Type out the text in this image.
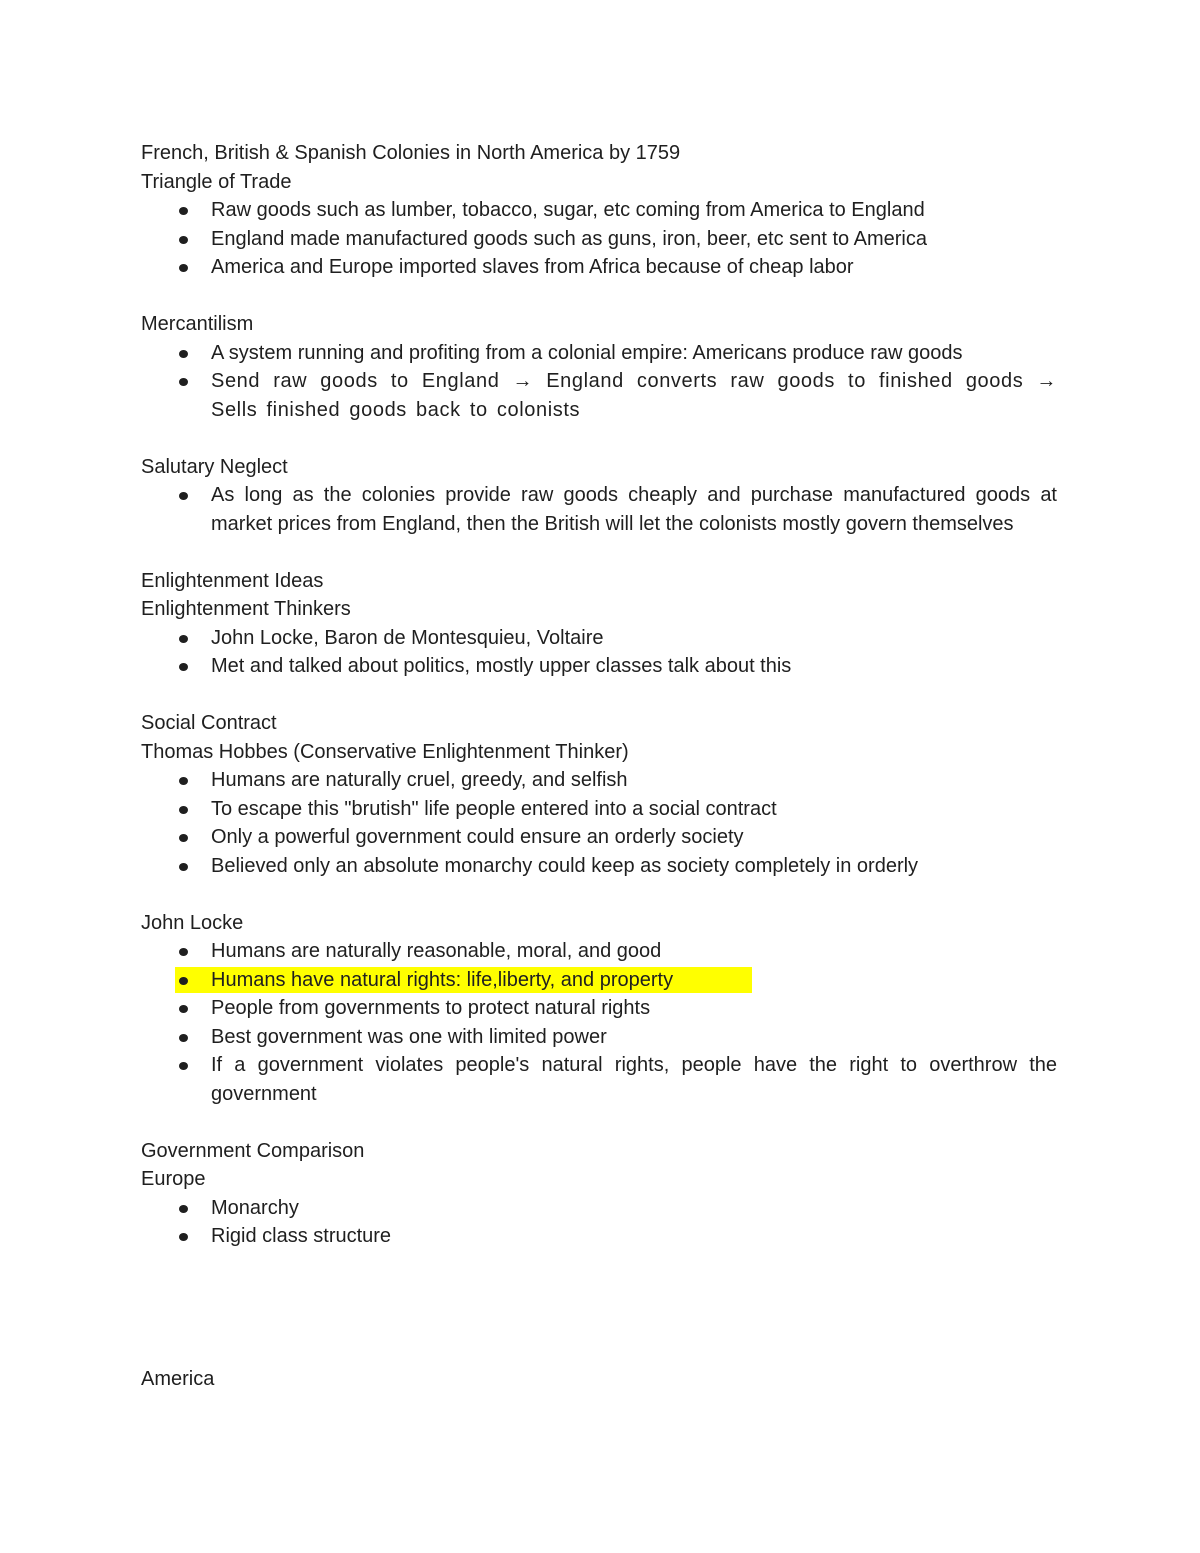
French, British & Spanish Colonies in North America by 1759

Triangle of Trade

Raw goods such as lumber, tobacco, sugar, etc coming from America to England
England made manufactured goods such as guns, iron, beer, etc sent to America
America and Europe imported slaves from Africa because of cheap labor

Mercantilism

A system running and profiting from a colonial empire: Americans produce raw goods
Send raw goods to England → England converts raw goods to finished goods → Sells finished goods back to colonists

Salutary Neglect

As long as the colonies provide raw goods cheaply and purchase manufactured goods at market prices from England, then the British will let the colonists mostly govern themselves

Enlightenment Ideas

Enlightenment Thinkers

John Locke, Baron de Montesquieu, Voltaire
Met and talked about politics, mostly upper classes talk about this

Social Contract

Thomas Hobbes (Conservative Enlightenment Thinker)

Humans are naturally cruel, greedy, and selfish
To escape this "brutish" life people entered into a social contract
Only a powerful government could ensure an orderly society
Believed only an absolute monarchy could keep as society completely in orderly

John Locke

Humans are naturally reasonable, moral, and good
Humans have natural rights: life,liberty, and property
People from governments to protect natural rights
Best government was one with limited power
If a government violates people's natural rights, people have the right to overthrow the government

Government Comparison

Europe

Monarchy
Rigid class structure

America
